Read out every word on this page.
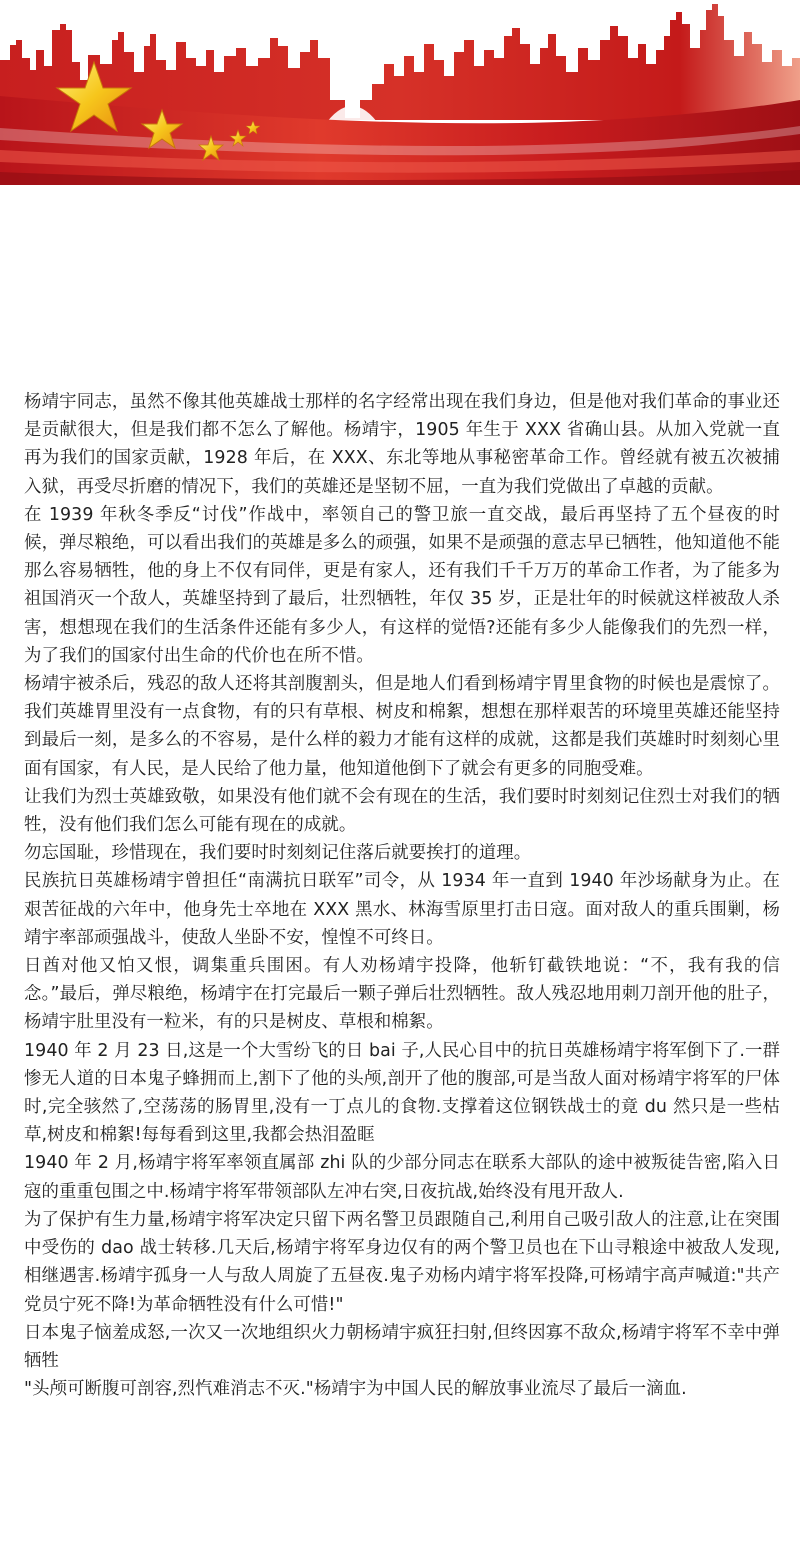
杨靖宇同志，虽然不像其他英雄战士那样的名字经常出现在我们身边，但是他对我们革命的事业还是贡献很大，但是我们都不怎么了解他。杨靖宇，1905 年生于 XXX 省确山县。从加入党就一直再为我们的国家贡献，1928 年后，在 XXX、东北等地从事秘密革命工作。曾经就有被五次被捕入狱，再受尽折磨的情况下，我们的英雄还是坚韧不屈，一直为我们党做出了卓越的贡献。

在 1939 年秋冬季反“讨伐”作战中，率领自己的警卫旅一直交战，最后再坚持了五个昼夜的时候，弹尽粮绝，可以看出我们的英雄是多么的顽强，如果不是顽强的意志早已牺牲，他知道他不能那么容易牺牲，他的身上不仅有同伴，更是有家人，还有我们千千万万的革命工作者，为了能多为祖国消灭一个敌人，英雄坚持到了最后，壮烈牺牲，年仅 35 岁，正是壮年的时候就这样被敌人杀害，想想现在我们的生活条件还能有多少人，有这样的觉悟?还能有多少人能像我们的先烈一样，为了我们的国家付出生命的代价也在所不惜。

杨靖宇被杀后，残忍的敌人还将其剖腹割头，但是地人们看到杨靖宇胃里食物的时候也是震惊了。我们英雄胃里没有一点食物，有的只有草根、树皮和棉絮，想想在那样艰苦的环境里英雄还能坚持到最后一刻，是多么的不容易，是什么样的毅力才能有这样的成就，这都是我们英雄时时刻刻心里面有国家，有人民，是人民给了他力量，他知道他倒下了就会有更多的同胞受难。

让我们为烈士英雄致敬，如果没有他们就不会有现在的生活，我们要时时刻刻记住烈士对我们的牺牲，没有他们我们怎么可能有现在的成就。

勿忘国耻，珍惜现在，我们要时时刻刻记住落后就要挨打的道理。

民族抗日英雄杨靖宇曾担任“南满抗日联军”司令，从 1934 年一直到 1940 年沙场献身为止。在艰苦征战的六年中，他身先士卒地在 XXX 黑水、林海雪原里打击日寇。面对敌人的重兵围剿，杨靖宇率部顽强战斗，使敌人坐卧不安，惶惶不可终日。

日酋对他又怕又恨，调集重兵围困。有人劝杨靖宇投降，他斩钉截铁地说：“不，我有我的信念。”最后，弹尽粮绝，杨靖宇在打完最后一颗子弹后壮烈牺牲。敌人残忍地用刺刀剖开他的肚子，杨靖宇肚里没有一粒米，有的只是树皮、草根和棉絮。

1940 年 2 月 23 日,这是一个大雪纷飞的日 bai 子,人民心目中的抗日英雄杨靖宇将军倒下了.一群惨无人道的日本鬼子蜂拥而上,割下了他的头颅,剖开了他的腹部,可是当敌人面对杨靖宇将军的尸体时,完全骇然了,空荡荡的肠胃里,没有一丁点儿的食物.支撑着这位钢铁战士的竟 du 然只是一些枯草,树皮和棉絮!每每看到这里,我都会热泪盈眶

1940 年 2 月,杨靖宇将军率领直属部 zhi 队的少部分同志在联系大部队的途中被叛徒告密,陷入日寇的重重包围之中.杨靖宇将军带领部队左冲右突,日夜抗战,始终没有甩开敌人.

为了保护有生力量,杨靖宇将军决定只留下两名警卫员跟随自己,利用自己吸引敌人的注意,让在突围中受伤的 dao 战士转移.几天后,杨靖宇将军身边仅有的两个警卫员也在下山寻粮途中被敌人发现,相继遇害.杨靖宇孤身一人与敌人周旋了五昼夜.鬼子劝杨内靖宇将军投降,可杨靖宇高声喊道:"共产党员宁死不降!为革命牺牲没有什么可惜!"

日本鬼子恼羞成怒,一次又一次地组织火力朝杨靖宇疯狂扫射,但终因寡不敌众,杨靖宇将军不幸中弹牺牲

"头颅可断腹可剖容,烈忾难消志不灭."杨靖宇为中国人民的解放事业流尽了最后一滴血.
